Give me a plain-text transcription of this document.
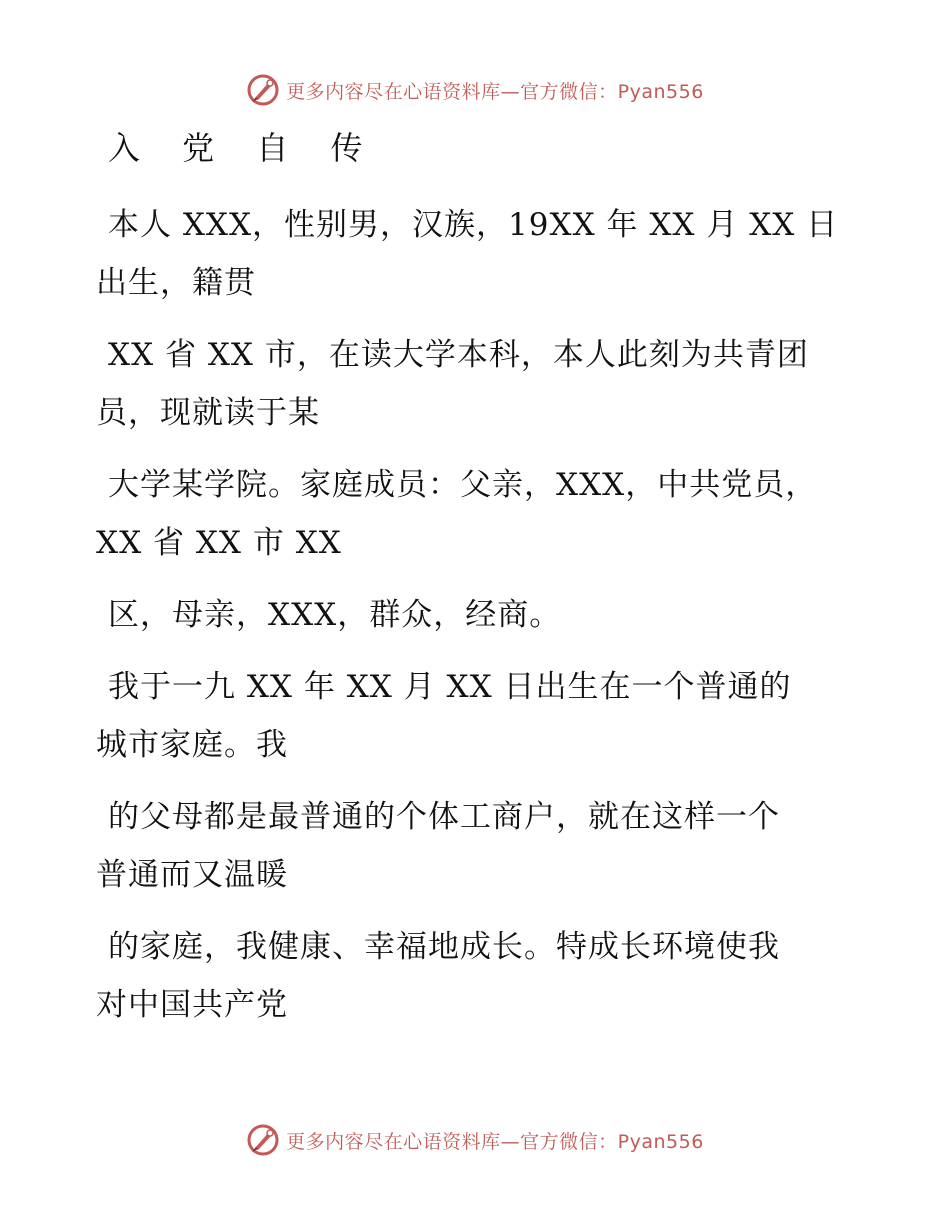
更多内容尽在心语资料库—官方微信：Pyan556
入 党 自 传

本人 XXX，性别男，汉族，19XX 年 XX 月 XX 日
出生，籍贯

XX 省 XX 市，在读大学本科，本人此刻为共青团
员，现就读于某

大学某学院。家庭成员：父亲，XXX，中共党员，
XX 省 XX 市 XX

区，母亲，XXX，群众，经商。

我于一九 XX 年 XX 月 XX 日出生在一个普通的
城市家庭。我

的父母都是最普通的个体工商户，就在这样一个
普通而又温暖

的家庭，我健康、幸福地成长。特成长环境使我
对中国共产党

更多内容尽在心语资料库—官方微信：Pyan556
